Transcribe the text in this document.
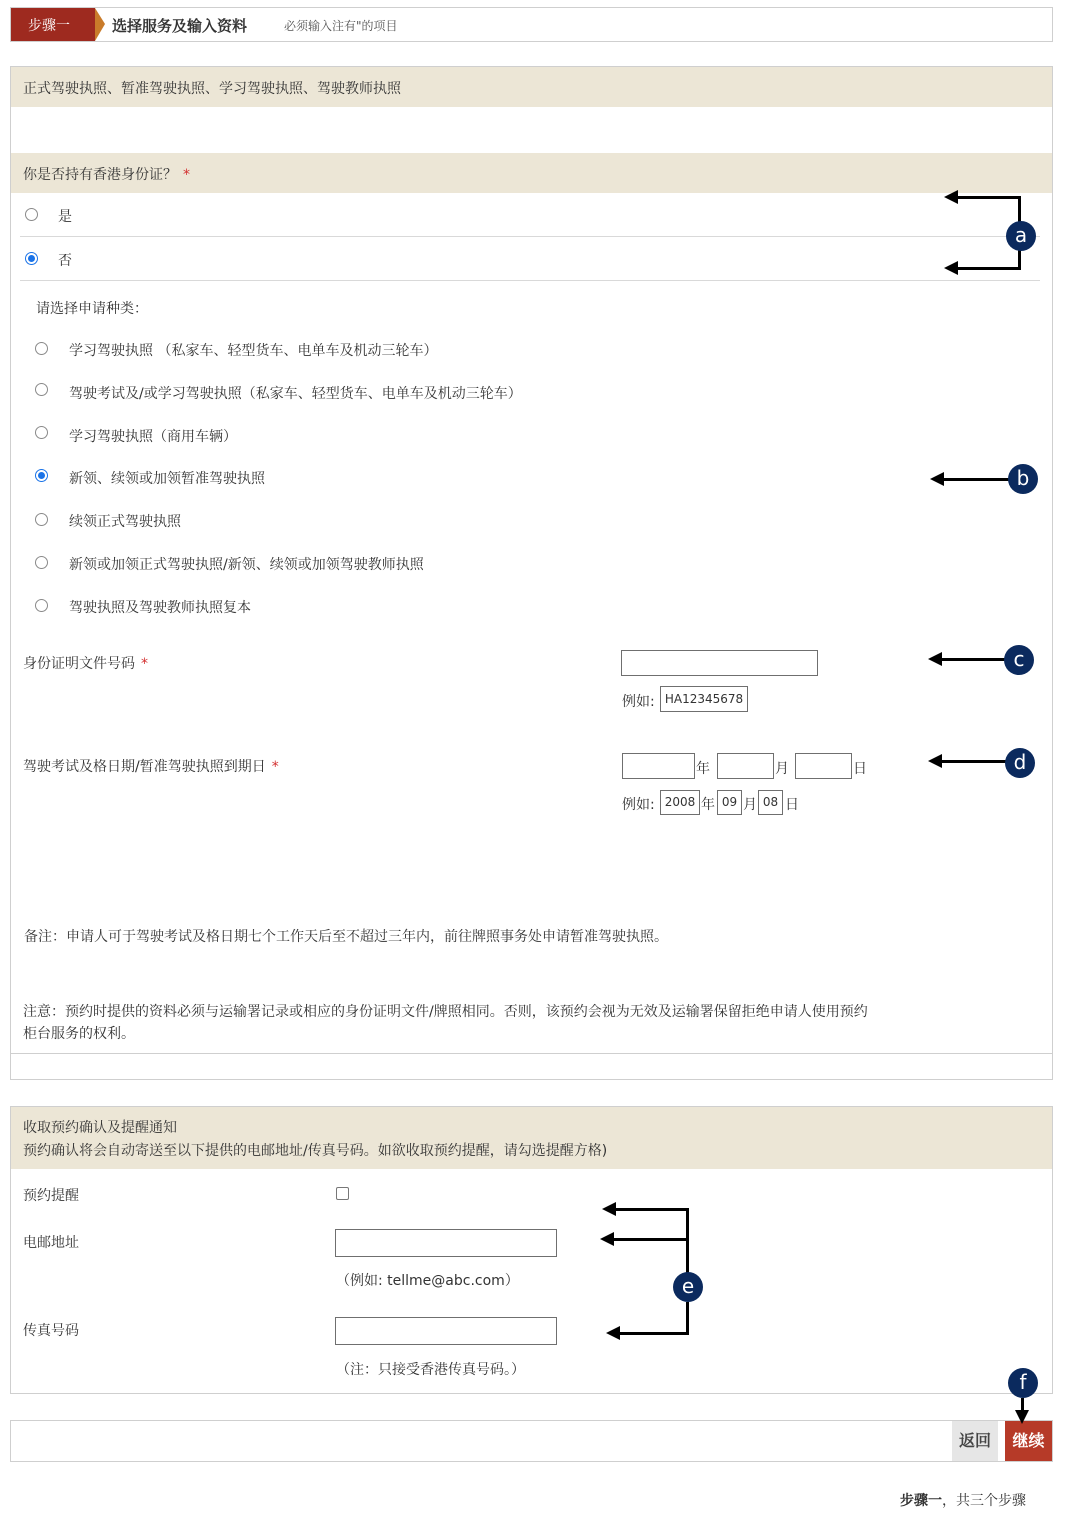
步骤一	选择服务及输入资料	必须输入注有"的项目
正式驾驶执照、暂准驾驶执照、学习驾驶执照、驾驶教师执照
你是否持有香港身份证？ *
是
否
请选择申请种类：
学习驾驶执照 （私家车、轻型货车、电单车及机动三轮车）
驾驶考试及/或学习驾驶执照（私家车、轻型货车、电单车及机动三轮车）
学习驾驶执照（商用车辆）
新领、续领或加领暂准驾驶执照
续领正式驾驶执照
新领或加领正式驾驶执照/新领、续领或加领驾驶教师执照
驾驶执照及驾驶教师执照复本
身份证明文件号码 *
例如: HA12345678
驾驶考试及格日期/暂准驾驶执照到期日 *	年	月	日
例如: 2008 年 09 月 08 日
备注：申请人可于驾驶考试及格日期七个工作天后至不超过三年内，前往牌照事务处申请暂准驾驶执照。
注意：预约时提供的资料必须与运输署记录或相应的身份证明文件/牌照相同。否则，该预约会视为无效及运输署保留拒绝申请人使用预约
柜台服务的权利。
收取预约确认及提醒通知
预约确认将会自动寄送至以下提供的电邮地址/传真号码。如欲收取预约提醒，请勾选提醒方格)
预约提醒
电邮地址
（例如: tellme@abc.com）
传真号码
（注：只接受香港传真号码。）
返回	继续
步骤一，共三个步骤
a
b
c
d
e
f
